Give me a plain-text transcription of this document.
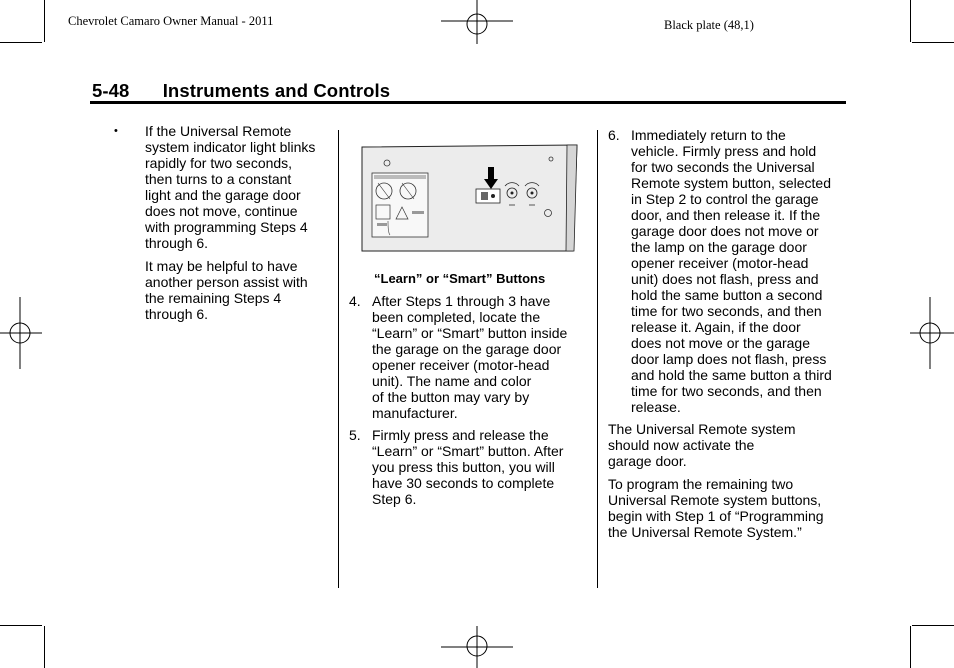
Chevrolet Camaro Owner Manual - 2011	Black plate (48,1)
5-48 Instruments and Controls
• If the Universal Remote

system indicator light blinks

rapidly for two seconds,

then turns to a constant

light and the garage door

does not move, continue

with programming Steps 4

through 6.

It may be helpful to have

another person assist with

the remaining Steps 4

through 6.

“Learn” or “Smart” Buttons
4. After Steps 1 through 3 have

been completed, locate the

“Learn” or “Smart” button inside

the garage on the garage door

opener receiver (motor-head

unit). The name and color

of the button may vary by

manufacturer.

5. Firmly press and release the

“Learn” or “Smart” button. After

you press this button, you will

have 30 seconds to complete

Step 6.

6. Immediately return to the

vehicle. Firmly press and hold

for two seconds the Universal

Remote system button, selected

in Step 2 to control the garage

door, and then release it. If the

garage door does not move or

the lamp on the garage door

opener receiver (motor-head

unit) does not flash, press and

hold the same button a second

time for two seconds, and then

release it. Again, if the door

does not move or the garage

door lamp does not flash, press

and hold the same button a third

time for two seconds, and then

release.

The Universal Remote system

should now activate the

garage door.

To program the remaining two

Universal Remote system buttons,

begin with Step 1 of “Programming

the Universal Remote System.”
